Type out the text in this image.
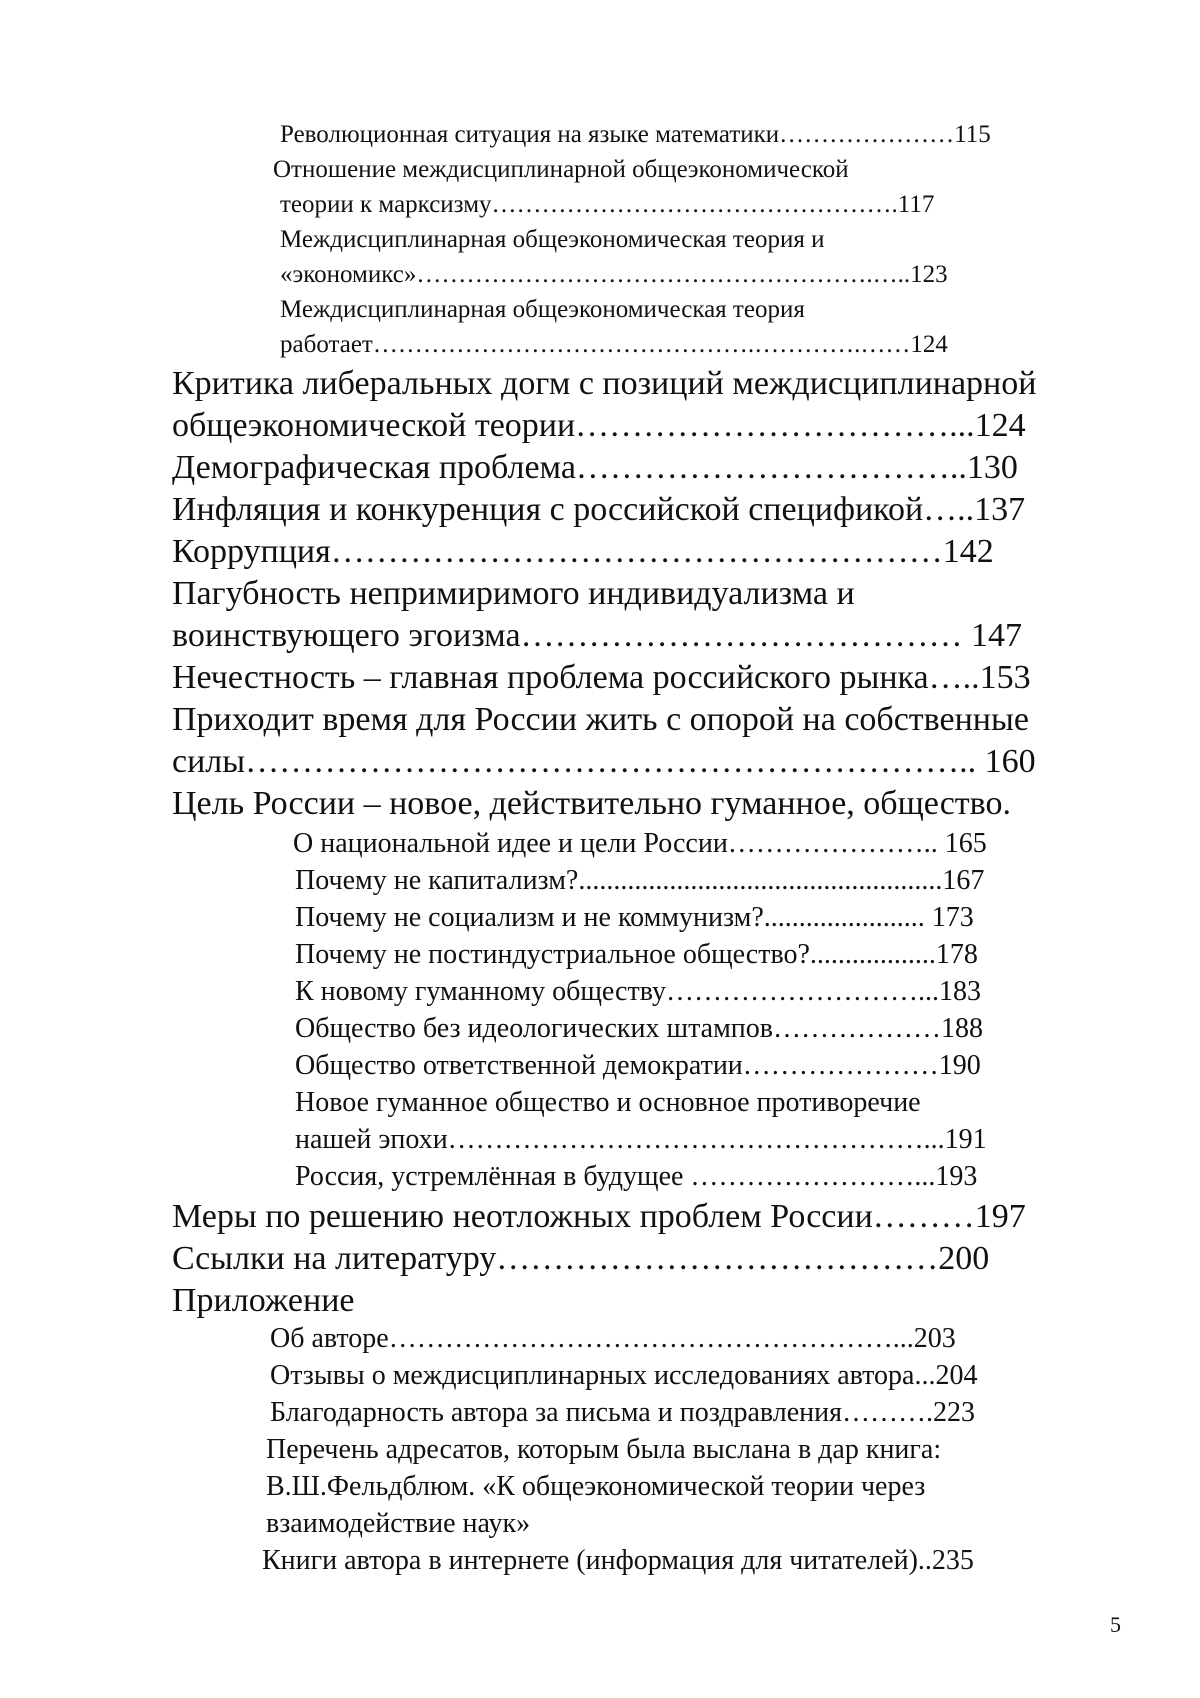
Революционная ситуация на языке математики…………………115
Отношение междисциплинарной общеэкономической
теории к марксизму………………………………………….117
Междисциплинарная общеэкономическая теория и
«экономикс»……………………………………………….…..123
Междисциплинарная общеэкономическая теория
работает……………………………………….………….……124
Критика либеральных догм с позиций междисциплинарной
общеэкономической теории……………………………...124
Демографическая проблема……………………………..130
Инфляция и конкуренция с российской спецификой…..137
Коррупция………………………………………………142
Пагубность непримиримого индивидуализма и
воинствующего эгоизма………………………………… 147
Нечестность – главная проблема российского рынка…..153
Приходит время для России жить с опорой на собственные
силы……………………………………………………….. 160
Цель России – новое, действительно гуманное, общество.
О национальной идее и цели России………………….. 165
Почему не капитализм?....................................................167
Почему не социализм и не коммунизм?....................... 173
Почему не постиндустриальное общество?..................178
К новому гуманному обществу………………………...183
Общество без идеологических штампов………………188
Общество ответственной демократии…………………190
Новое гуманное общество и основное противоречие
нашей эпохи……………………………………………...191
Россия, устремлённая в будущее ……………………...193
Меры по решению неотложных проблем России………197
Ссылки на литературу…………………………………200
Приложение
Об авторе………………………………………………...203
Отзывы о междисциплинарных исследованиях автора...204
Благодарность автора за письма и поздравления……….223
Перечень адресатов, которым была выслана в дар книга:
В.Ш.Фельдблюм. «К общеэкономической теории через
взаимодействие наук»
Книги автора в интернете (информация для читателей)..235
5
